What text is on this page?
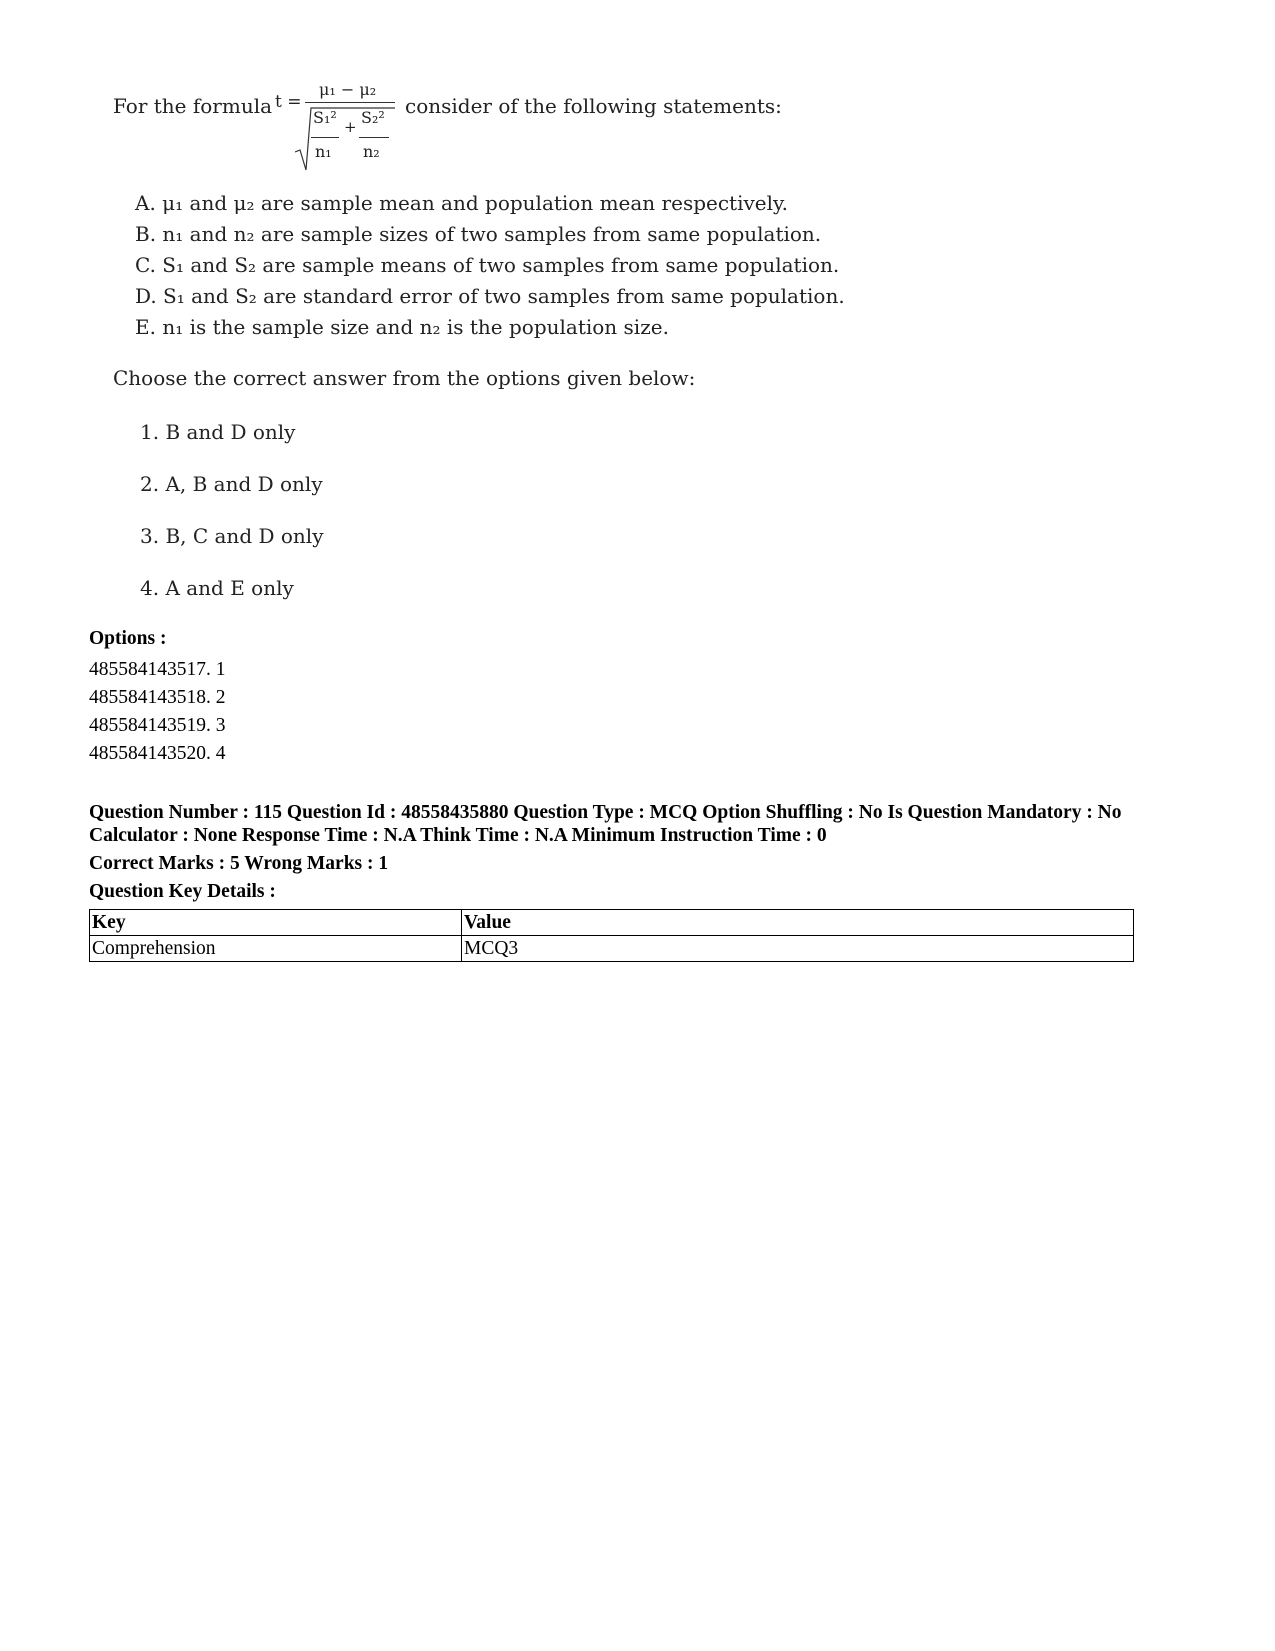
For the formula t =
μ₁ − μ₂
S₁²
n₁
+ S₂²
n₂
consider of the following statements:
A. μ₁ and μ₂ are sample mean and population mean respectively.
B. n₁ and n₂ are sample sizes of two samples from same population.
C. S₁ and S₂ are sample means of two samples from same population.
D. S₁ and S₂ are standard error of two samples from same population.
E. n₁ is the sample size and n₂ is the population size.
Choose the correct answer from the options given below:
1. B and D only
2. A, B and D only
3. B, C and D only
4. A and E only
Options :
485584143517. 1
485584143518. 2
485584143519. 3
485584143520. 4
Question Number : 115 Question Id : 48558435880 Question Type : MCQ Option Shuffling : No Is Question Mandatory : No Calculator : None Response Time : N.A Think Time : N.A Minimum Instruction Time : 0
Correct Marks : 5 Wrong Marks : 1
Question Key Details :
Key	Value
Comprehension	MCQ3
